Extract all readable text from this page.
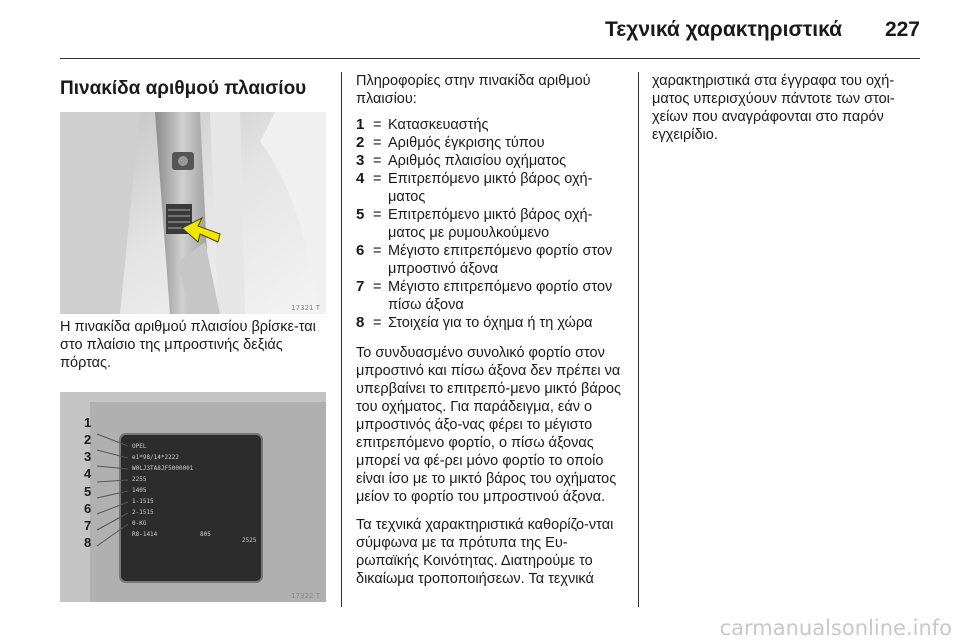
Τεχνικά χαρακτηριστικά 227
Πινακίδα αριθμού πλαισίου
17321 T
Η πινακίδα αριθμού πλαισίου βρίσκε-ται στο πλαίσιο της μπροστινής δεξιάς πόρτας.
1
2
3
4
5
6
7
8
OPEL
e1*98/14*2222
W0LJ3TA8JF5000001
2255
1405
1-1515
2-1515
0-KG
R8-1414	805
2525
17322 T

Πληροφορίες στην πινακίδα αριθμού πλαισίου:

1 = Κατασκευαστής
2 = Αριθμός έγκρισης τύπου
3 = Αριθμός πλαισίου οχήματος
4 = Επιτρεπόμενο μικτό βάρος οχή-ματος
5 = Επιτρεπόμενο μικτό βάρος οχή-ματος με ρυμουλκούμενο
6 = Μέγιστο επιτρεπόμενο φορτίο στον μπροστινό άξονα
7 = Μέγιστο επιτρεπόμενο φορτίο στον πίσω άξονα
8 = Στοιχεία για το όχημα ή τη χώρα

Το συνδυασμένο συνολικό φορτίο στον μπροστινό και πίσω άξονα δεν πρέπει να υπερβαίνει το επιτρεπό-μενο μικτό βάρος του οχήματος. Για παράδειγμα, εάν ο μπροστινός άξο-νας φέρει το μέγιστο επιτρεπόμενο φορτίο, ο πίσω άξονας μπορεί να φέ-ρει μόνο φορτίο το οποίο είναι ίσο με το μικτό βάρος του οχήματος μείον το φορτίο του μπροστινού άξονα.

Τα τεχνικά χαρακτηριστικά καθορίζο-νται σύμφωνα με τα πρότυπα της Ευ-ρωπαϊκής Κοινότητας. Διατηρούμε το δικαίωμα τροποποιήσεων. Τα τεχνικά

χαρακτηριστικά στα έγγραφα του οχή-ματος υπερισχύουν πάντοτε των στοι-χείων που αναγράφονται στο παρόν εγχειρίδιο.

carmanualsonline.info
